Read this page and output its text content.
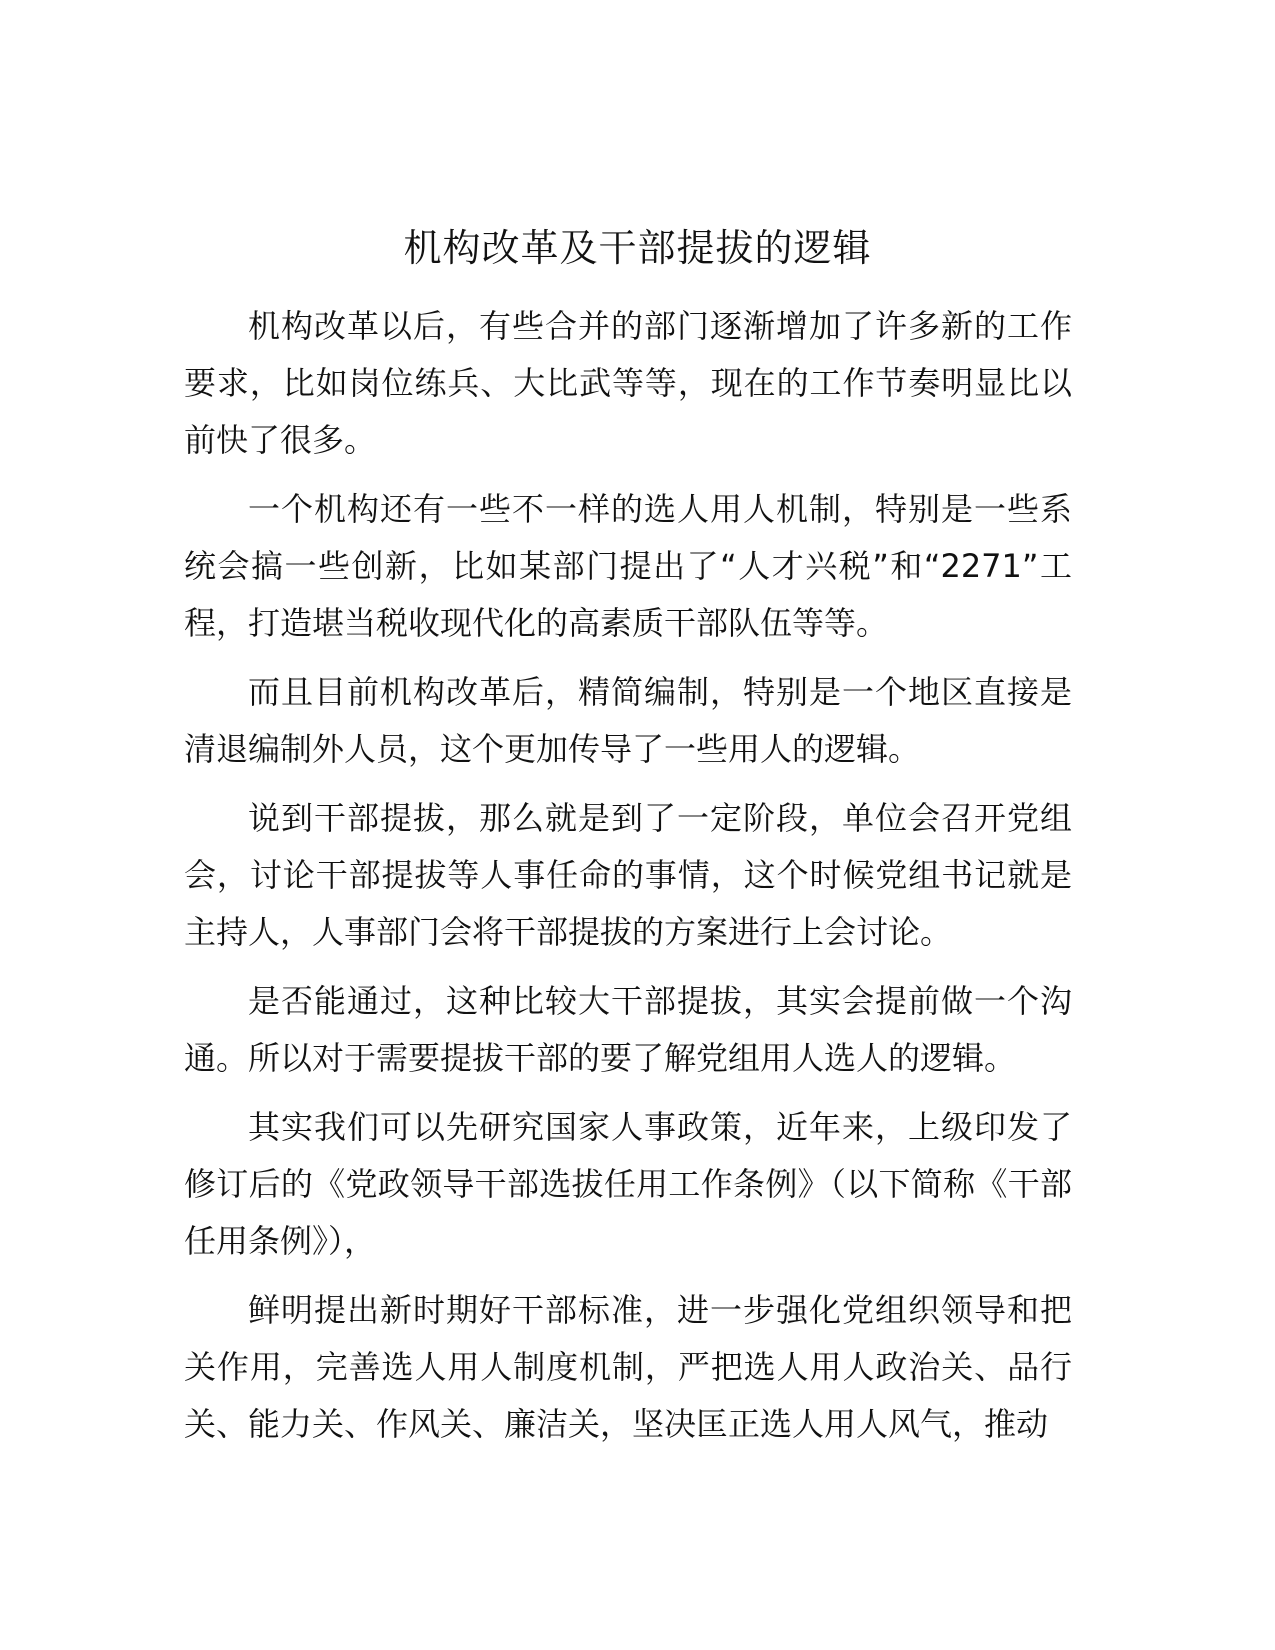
机构改革及干部提拔的逻辑

机构改革以后，有些合并的部门逐渐增加了许多新的工作要求，比如岗位练兵、大比武等等，现在的工作节奏明显比以前快了很多。

一个机构还有一些不一样的选人用人机制，特别是一些系统会搞一些创新，比如某部门提出了“人才兴税”和“2271”工程，打造堪当税收现代化的高素质干部队伍等等。

而且目前机构改革后，精简编制，特别是一个地区直接是清退编制外人员，这个更加传导了一些用人的逻辑。

说到干部提拔，那么就是到了一定阶段，单位会召开党组会，讨论干部提拔等人事任命的事情，这个时候党组书记就是主持人，人事部门会将干部提拔的方案进行上会讨论。

是否能通过，这种比较大干部提拔，其实会提前做一个沟通。所以对于需要提拔干部的要了解党组用人选人的逻辑。

其实我们可以先研究国家人事政策，近年来，上级印发了修订后的《党政领导干部选拔任用工作条例》（以下简称《干部任用条例》），

鲜明提出新时期好干部标准，进一步强化党组织领导和把关作用，完善选人用人制度机制，严把选人用人政治关、品行关、能力关、作风关、廉洁关，坚决匡正选人用人风气，推动
